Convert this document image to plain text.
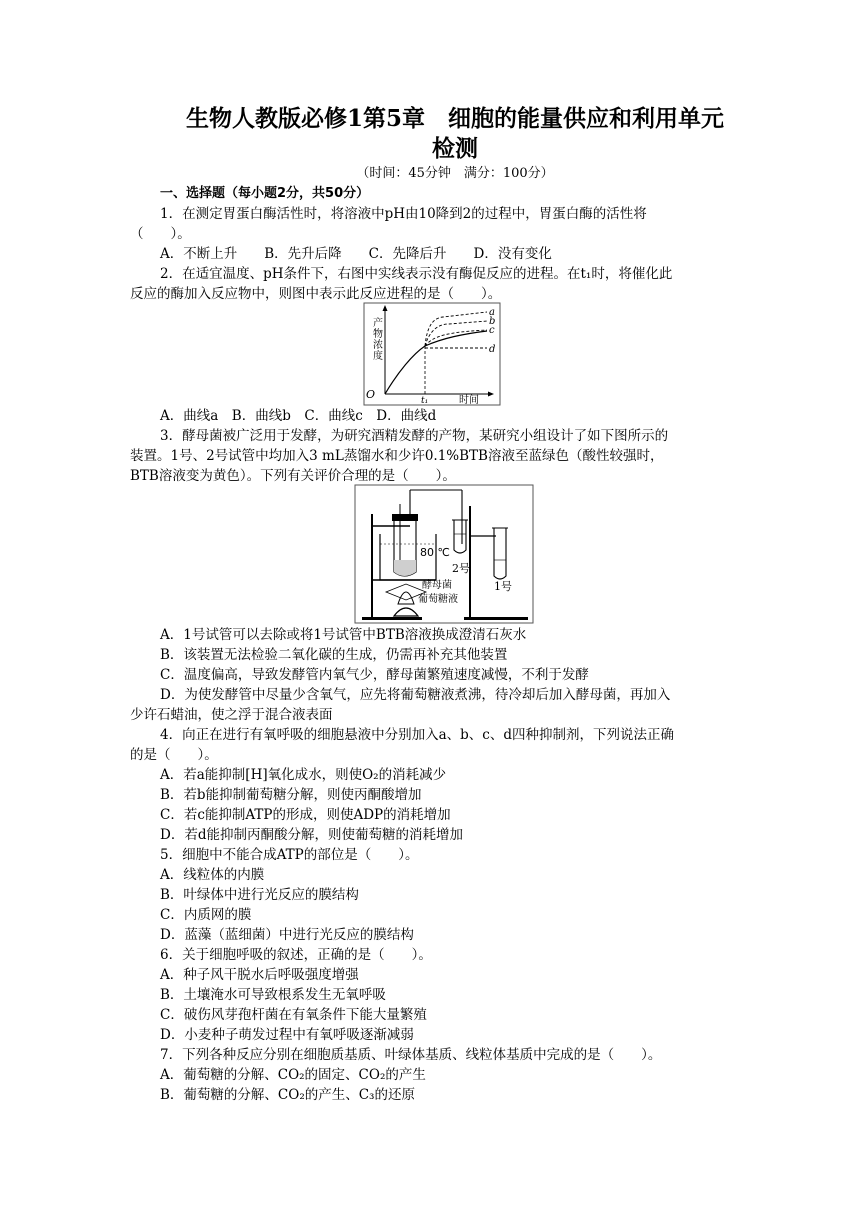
生物人教版必修1第5章　细胞的能量供应和利用单元
检测
（时间：45分钟　满分：100分）
一、选择题（每小题2分，共50分）
1．在测定胃蛋白酶活性时，将溶液中pH由10降到2的过程中，胃蛋白酶的活性将
（　　）。
A．不断上升　　B．先升后降　　C．先降后升　　D．没有变化
2．在适宜温度、pH条件下，右图中实线表示没有酶促反应的进程。在t₁时，将催化此
反应的酶加入反应物中，则图中表示此反应进程的是（　　）。
O
产物浓度
时间
t₁
a
b
c
d
A．曲线a　B．曲线b　C．曲线c　D．曲线d
3．酵母菌被广泛用于发酵，为研究酒精发酵的产物，某研究小组设计了如下图所示的
装置。1号、2号试管中均加入3 mL蒸馏水和少许0.1%BTB溶液至蓝绿色（酸性较强时，
BTB溶液变为黄色）。下列有关评价合理的是（　　）。
80 ℃
酵母菌
葡萄糖液
2号
1号
A．1号试管可以去除或将1号试管中BTB溶液换成澄清石灰水
B．该装置无法检验二氧化碳的生成，仍需再补充其他装置
C．温度偏高，导致发酵管内氧气少，酵母菌繁殖速度减慢，不利于发酵
D．为使发酵管中尽量少含氧气，应先将葡萄糖液煮沸，待冷却后加入酵母菌，再加入
少许石蜡油，使之浮于混合液表面
4．向正在进行有氧呼吸的细胞悬液中分别加入a、b、c、d四种抑制剂，下列说法正确
的是（　　）。
A．若a能抑制[H]氧化成水，则使O₂的消耗减少
B．若b能抑制葡萄糖分解，则使丙酮酸增加
C．若c能抑制ATP的形成，则使ADP的消耗增加
D．若d能抑制丙酮酸分解，则使葡萄糖的消耗增加
5．细胞中不能合成ATP的部位是（　　）。
A．线粒体的内膜
B．叶绿体中进行光反应的膜结构
C．内质网的膜
D．蓝藻（蓝细菌）中进行光反应的膜结构
6．关于细胞呼吸的叙述，正确的是（　　）。
A．种子风干脱水后呼吸强度增强
B．土壤淹水可导致根系发生无氧呼吸
C．破伤风芽孢杆菌在有氧条件下能大量繁殖
D．小麦种子萌发过程中有氧呼吸逐渐减弱
7．下列各种反应分别在细胞质基质、叶绿体基质、线粒体基质中完成的是（　　）。
A．葡萄糖的分解、CO₂的固定、CO₂的产生
B．葡萄糖的分解、CO₂的产生、C₃的还原
